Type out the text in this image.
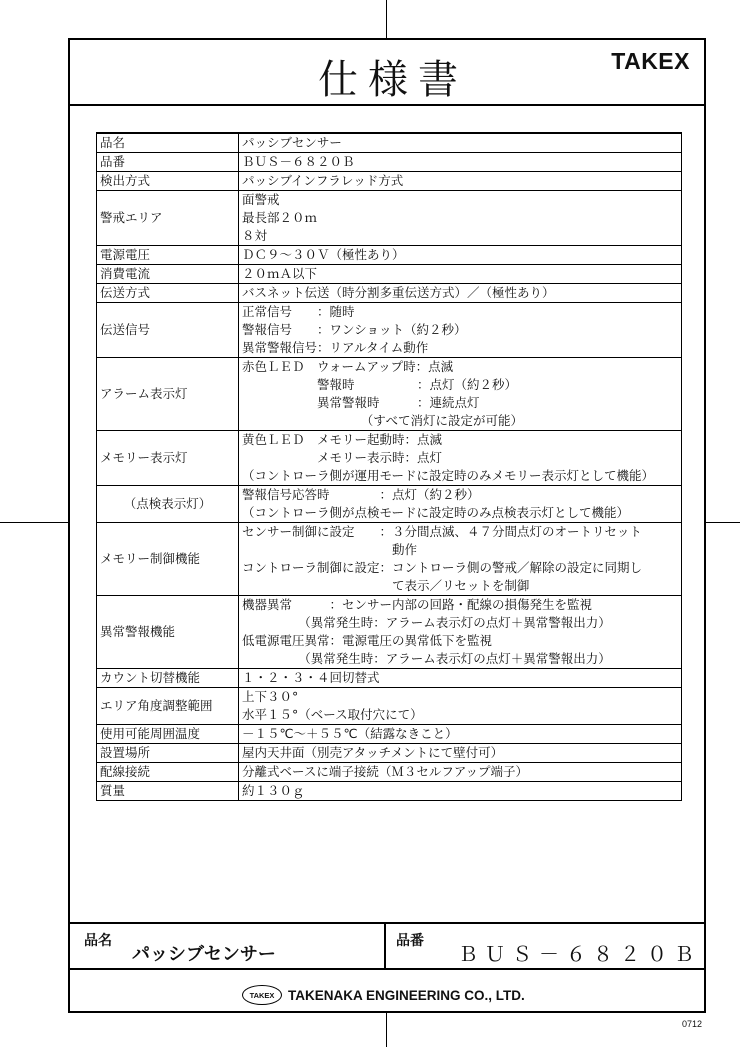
仕様書	TAKEX
品名	パッシブセンサー

品番	ＢＵＳ－６８２０Ｂ

検出方式	パッシブインフラレッド方式

警戒エリア	面警戒
最長部２０ｍ
８対

電源電圧	ＤＣ９～３０Ｖ（極性あり）

消費電流	２０ｍＡ以下

伝送方式	バスネット伝送（時分割多重伝送方式）／（極性あり）

伝送信号	正常信号　　：随時
警報信号　　：ワンショット（約２秒）
異常警報信号：リアルタイム動作

アラーム表示灯	赤色ＬＥＤ　ウォームアップ時：点滅
　　　　　　警報時　　　　　：点灯（約２秒）
　　　　　　異常警報時　　　：連続点灯
　　　　　　　　　　（すべて消灯に設定が可能）

メモリー表示灯	黄色ＬＥＤ　メモリー起動時：点滅
　　　　　　メモリー表示時：点灯
（コントローラ側が運用モードに設定時のみメモリー表示灯として機能）

（点検表示灯）	警報信号応答時　　　　：点灯（約２秒）
（コントローラ側が点検モードに設定時のみ点検表示灯として機能）

メモリー制御機能	センサー制御に設定　　：３分間点滅、４７分間点灯のオートリセット
　　　　　　　　　　　　動作
コントローラ制御に設定：コントローラ側の警戒／解除の設定に同期し
　　　　　　　　　　　　て表示／リセットを制御

異常警報機能	機器異常　　　：センサー内部の回路・配線の損傷発生を監視
　　　　　（異常発生時：アラーム表示灯の点灯＋異常警報出力）
低電源電圧異常：電源電圧の異常低下を監視
　　　　　（異常発生時：アラーム表示灯の点灯＋異常警報出力）

カウント切替機能	１・２・３・４回切替式

エリア角度調整範囲	上下３０°
水平１５°（ベース取付穴にて）

使用可能周囲温度	－１５℃～＋５５℃（結露なきこと）

設置場所	屋内天井面（別売アタッチメントにて壁付可）

配線接続	分離式ベースに端子接続（Ｍ３セルフアップ端子）

質量	約１３０ｇ
品名
パッシブセンサー
品番
ＢＵＳ－６８２０Ｂ
TAKEX	TAKENAKA ENGINEERING CO., LTD.
0712
